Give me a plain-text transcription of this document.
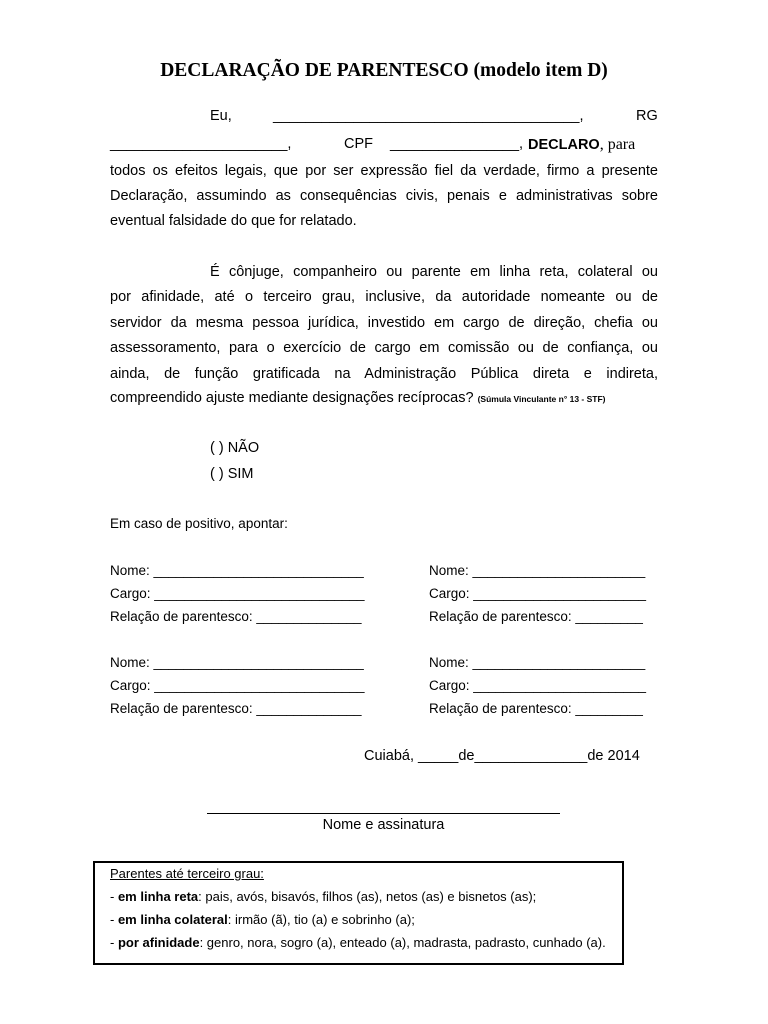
DECLARAÇÃO DE PARENTESCO (modelo item D)
Eu,	______________________________________,	RG
______________________,	CPF ________________, DECLARO, para
todos os efeitos legais, que por ser expressão fiel da verdade, firmo a presente
Declaração, assumindo as consequências civis, penais e administrativas sobre
eventual falsidade do que for relatado.
É cônjuge, companheiro ou parente em linha reta, colateral ou
por afinidade, até o terceiro grau, inclusive, da autoridade nomeante ou de
servidor da mesma pessoa jurídica, investido em cargo de direção, chefia ou
assessoramento, para o exercício de cargo em comissão ou de confiança, ou
ainda, de função gratificada na Administração Pública direta e indireta,
compreendido ajuste mediante designações recíprocas? (Súmula Vinculante n° 13 - STF)
( ) NÃO
( ) SIM
Em caso de positivo, apontar:
Nome: ____________________________
Cargo: ____________________________
Relação de parentesco: ______________
Nome: _______________________
Cargo: _______________________
Relação de parentesco: _________
Nome: ____________________________
Cargo: ____________________________
Relação de parentesco: ______________
Nome: _______________________
Cargo: _______________________
Relação de parentesco: _________
Cuiabá, _____de______________de 2014
Nome e assinatura
Parentes até terceiro grau:
- em linha reta: pais, avós, bisavós, filhos (as), netos (as) e bisnetos (as);
- em linha colateral: irmão (ã), tio (a) e sobrinho (a);
- por afinidade: genro, nora, sogro (a), enteado (a), madrasta, padrasto, cunhado (a).
